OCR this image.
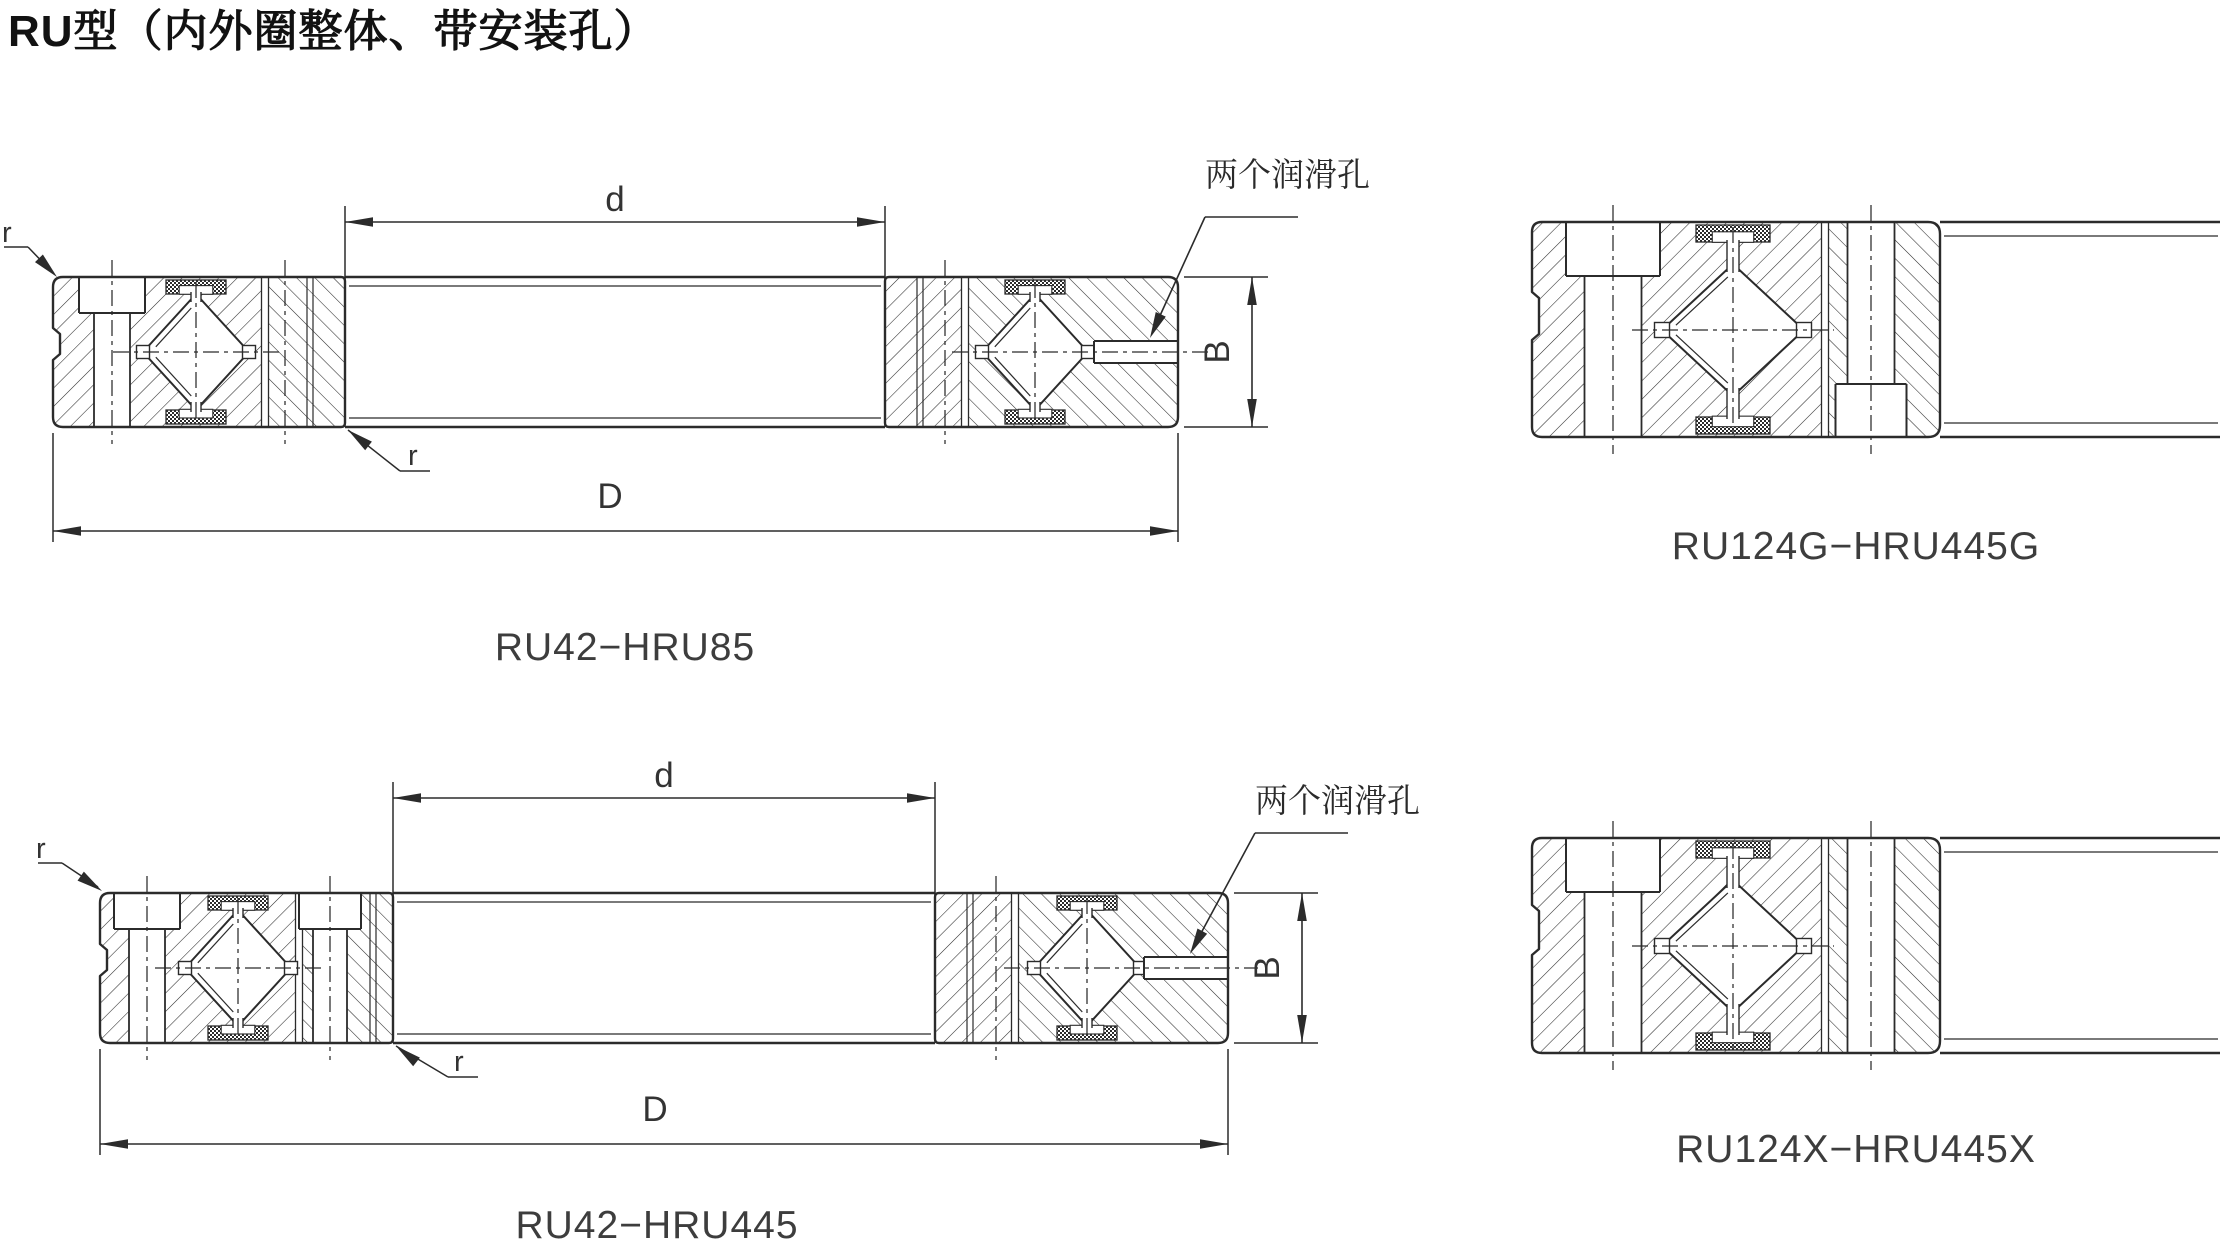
RU型（内外圈整体、带安装孔）
d
D
B
r
r
两个润滑孔
RU42−HRU85
d
D
B
r
r
两个润滑孔
RU42−HRU445
RU124G−HRU445G
RU124X−HRU445X
